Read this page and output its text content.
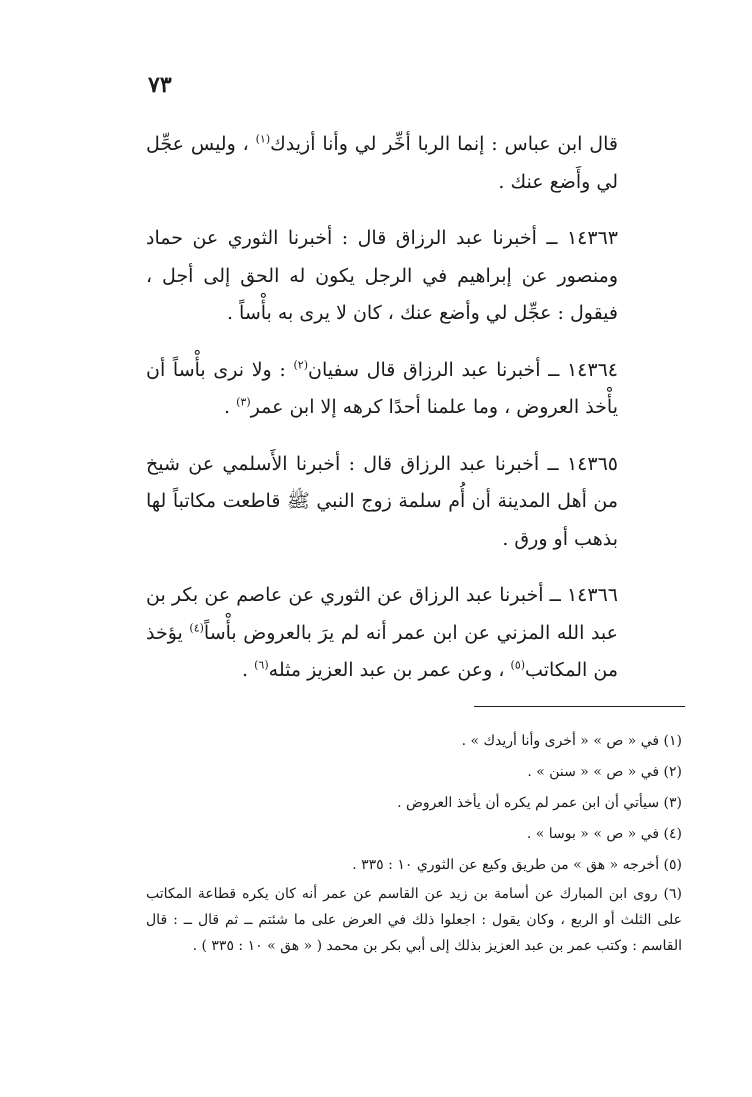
٧٣

قال ابن عباس : إنما الربا أخِّر لي وأنا أزيدك$^{(١)}$ ، وليس عجِّل لي وأَضع عنك .

١٤٣٦٣ ــ أخبرنا عبد الرزاق قال : أخبرنا الثوري عن حماد ومنصور عن إبراهيم في الرجل يكون له الحق إلى أجل ، فيقول : عجِّل لي وأضع عنك ، كان لا يرى به بأْساً .

١٤٣٦٤ ــ أخبرنا عبد الرزاق قال سفيان$^{(٢)}$ : ولا نرى بأْساً أن يأْخذ العروض ، وما علمنا أحدًا كرهه إلا ابن عمر$^{(٣)}$ .

١٤٣٦٥ ــ أخبرنا عبد الرزاق قال : أخبرنا الأَسلمي عن شيخ من أهل المدينة أن أُم سلمة زوج النبي ﷺ قاطعت مكاتباً لها بذهب أو ورق .

١٤٣٦٦ ــ أخبرنا عبد الرزاق عن الثوري عن عاصم عن بكر بن عبد الله المزني عن ابن عمر أنه لم يرَ بالعروض بأْساً$^{(٤)}$ يؤخذ من المكاتب$^{(٥)}$ ، وعن عمر بن عبد العزيز مثله$^{(٦)}$ .

(١) في « ص » « أخرى وأنا أريدك » .

(٢) في « ص » « سنن » .

(٣) سيأتي أن ابن عمر لم يكره أن يأخذ العروض .

(٤) في « ص » « بوسا » .

(٥) أخرجه « هق » من طريق وكيع عن الثوري ١٠ : ٣٣٥ .

(٦) روى ابن المبارك عن أسامة بن زيد عن القاسم عن عمر أنه كان يكره قطاعة المكاتب على الثلث أو الربع ، وكان يقول : اجعلوا ذلك في العرض على ما شئتم ــ ثم قال ــ : قال القاسم : وكتب عمر بن عبد العزيز بذلك إلى أبي بكر بن محمد ( « هق » ١٠ : ٣٣٥ ) .
